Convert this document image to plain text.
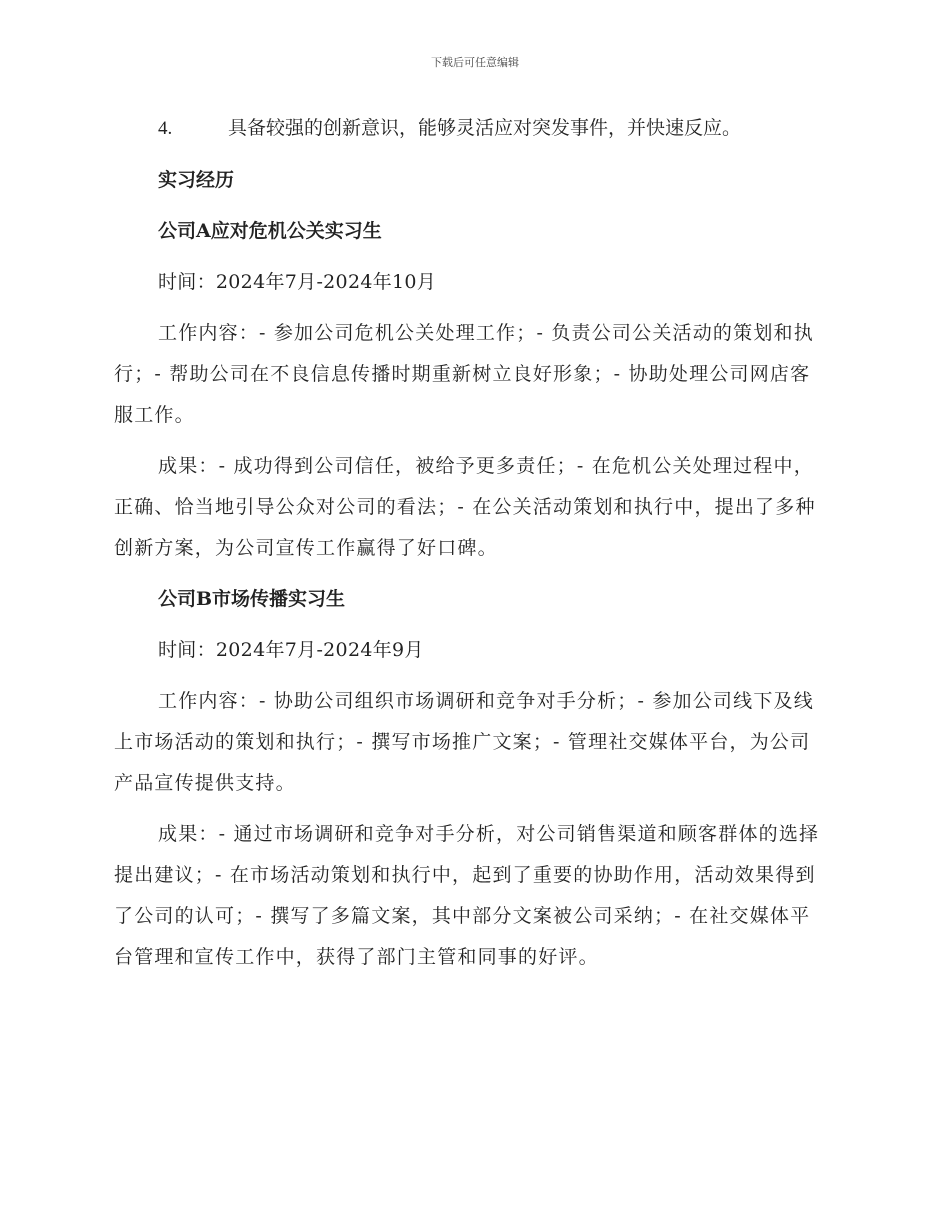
下载后可任意编辑
4.	具备较强的创新意识，能够灵活应对突发事件，并快速反应。
实习经历
公司A应对危机公关实习生
时间：2024年7月-2024年10月
工作内容：- 参加公司危机公关处理工作；- 负责公司公关活动的策划和执行；- 帮助公司在不良信息传播时期重新树立良好形象；- 协助处理公司网店客服工作。
成果：- 成功得到公司信任，被给予更多责任；- 在危机公关处理过程中，正确、恰当地引导公众对公司的看法；- 在公关活动策划和执行中，提出了多种创新方案，为公司宣传工作赢得了好口碑。
公司B市场传播实习生
时间：2024年7月-2024年9月
工作内容：- 协助公司组织市场调研和竞争对手分析；- 参加公司线下及线上市场活动的策划和执行；- 撰写市场推广文案；- 管理社交媒体平台，为公司产品宣传提供支持。
成果：- 通过市场调研和竞争对手分析，对公司销售渠道和顾客群体的选择提出建议；- 在市场活动策划和执行中，起到了重要的协助作用，活动效果得到了公司的认可；- 撰写了多篇文案，其中部分文案被公司采纳；- 在社交媒体平台管理和宣传工作中，获得了部门主管和同事的好评。
